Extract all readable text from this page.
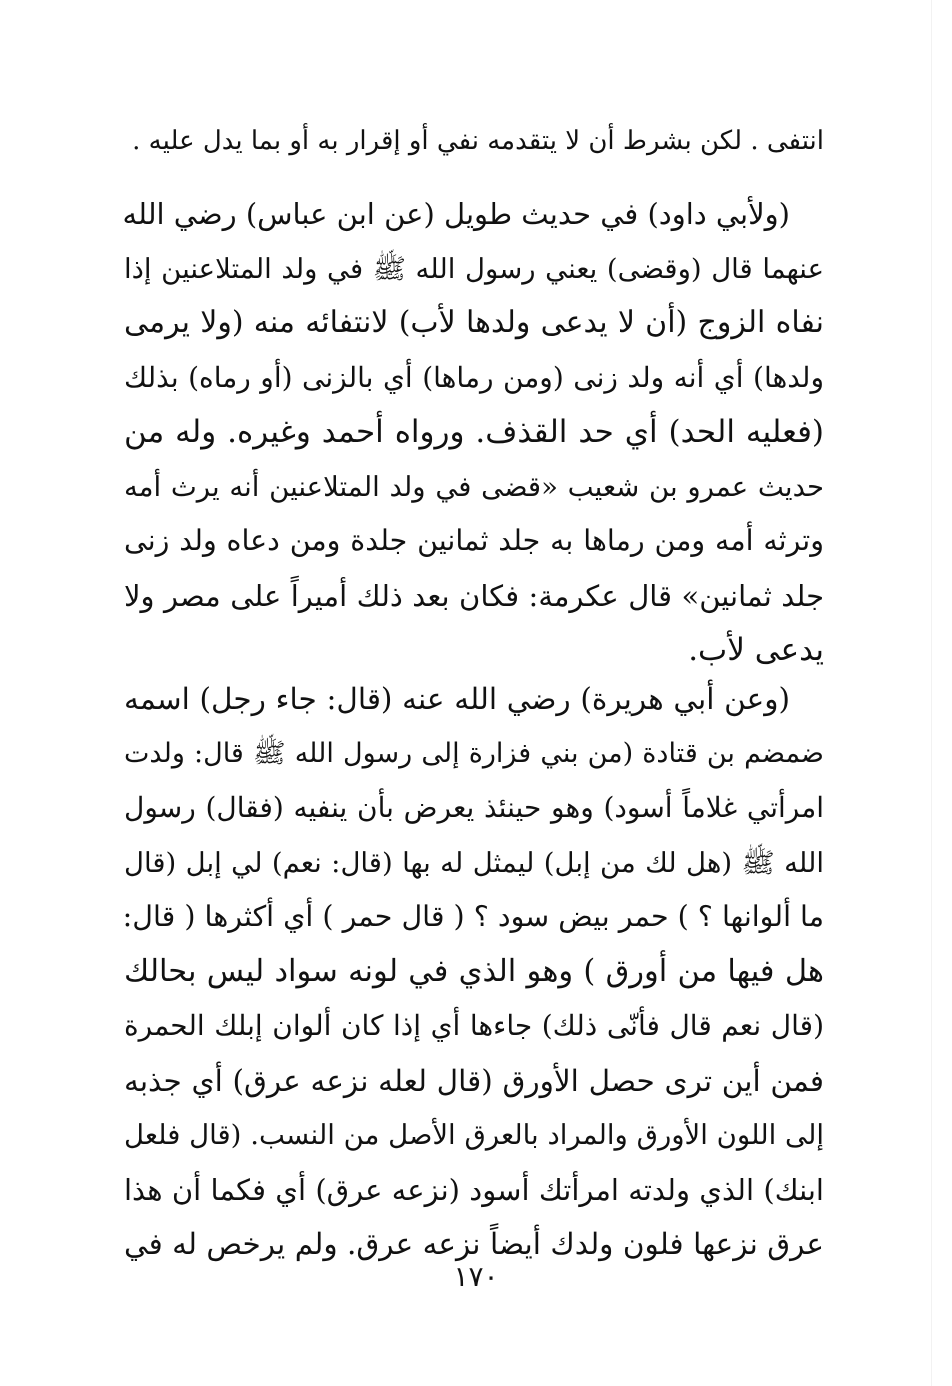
انتفى . لكن بشرط أن لا يتقدمه نفي أو إقرار به أو بما يدل عليه .
(ولأبي داود) في حديث طويل (عن ابن عباس) رضي الله
عنهما قال (وقضى) يعني رسول الله ﷺ في ولد المتلاعنين إذا
نفاه الزوج (أن لا يدعى ولدها لأب) لانتفائه منه (ولا يرمى
ولدها) أي أنه ولد زنى (ومن رماها) أي بالزنى (أو رماه) بذلك
(فعليه الحد) أي حد القذف. ورواه أحمد وغيره. وله من
حديث عمرو بن شعيب «قضى في ولد المتلاعنين أنه يرث أمه
وترثه أمه ومن رماها به جلد ثمانين جلدة ومن دعاه ولد زنى
جلد ثمانين» قال عكرمة: فكان بعد ذلك أميراً على مصر ولا
يدعى لأب.
(وعن أبي هريرة) رضي الله عنه (قال: جاء رجل) اسمه
ضمضم بن قتادة (من بني فزارة إلى رسول الله ﷺ قال: ولدت
امرأتي غلاماً أسود) وهو حينئذ يعرض بأن ينفيه (فقال) رسول
الله ﷺ (هل لك من إبل) ليمثل له بها (قال: نعم) لي إبل (قال
ما ألوانها ؟ ) حمر بيض سود ؟ ( قال حمر ) أي أكثرها ( قال:
هل فيها من أورق ) وهو الذي في لونه سواد ليس بحالك
(قال نعم قال فأنّى ذلك) جاءها أي إذا كان ألوان إبلك الحمرة
فمن أين ترى حصل الأورق (قال لعله نزعه عرق) أي جذبه
إلى اللون الأورق والمراد بالعرق الأصل من النسب. (قال فلعل
ابنك) الذي ولدته امرأتك أسود (نزعه عرق) أي فكما أن هذا
عرق نزعها فلون ولدك أيضاً نزعه عرق. ولم يرخص له في
١٧٠
